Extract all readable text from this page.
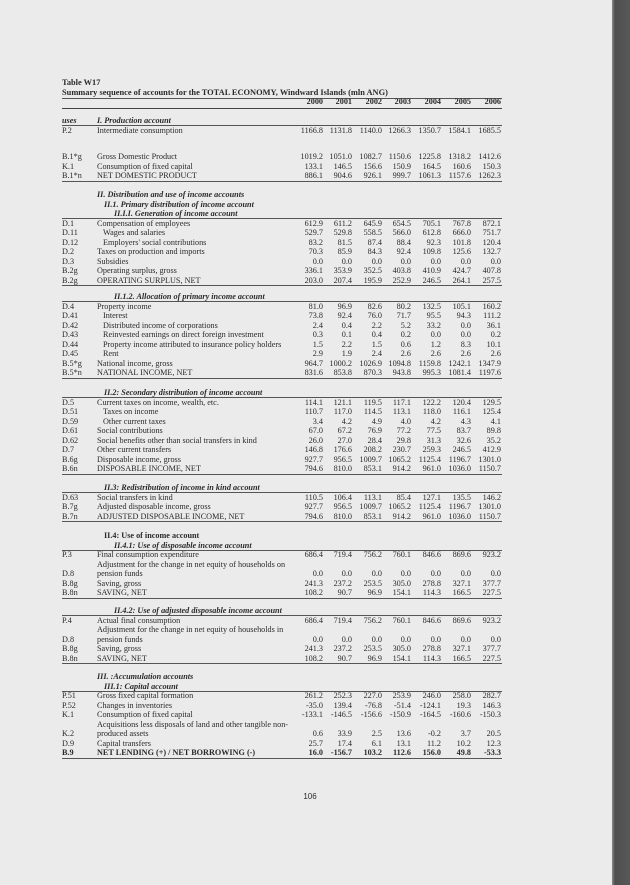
Table W17
Summary sequence of accounts for the TOTAL ECONOMY, Windward Islands (mln ANG)
2000	2001	2002	2003	2004	2005	2006
uses I. Production account
P.2	Intermediate consumption	1166.8 1131.8 1140.0 1266.3 1350.7 1584.1 1685.5
B.1*g Gross Domestic Product	1019.2 1051.0 1082.7 1150.6 1225.8 1318.2 1412.6
K.1	Consumption of fixed capital	133.1	146.5	156.6	150.9	164.5	160.6	150.3
B.1*n NET DOMESTIC PRODUCT	886.1	904.6	926.1	999.7 1061.3 1157.6 1262.3
II. Distribution and use of income accounts
II.1. Primary distribution of income account
II.I.I. Generation of income account
D.1	Compensation of employees	612.9	611.2	645.9	654.5	705.1	767.8	872.1
D.11	Wages and salaries	529.7	529.8	558.5	566.0	612.8	666.0	751.7
D.12	Employers' social contributions	83.2	81.5	87.4	88.4	92.3	101.8	120.4
D.2	Taxes on production and imports	70.3	85.9	84.3	92.4	109.8	125.6	132.7
D.3	Subsidies	0.0	0.0	0.0	0.0	0.0	0.0	0.0
B.2g Operating surplus, gross	336.1	353.9	352.5	403.8	410.9	424.7	407.8
B.2g OPERATING SURPLUS, NET	203.0	207.4	195.9	252.9	246.5	264.1	257.5
II.1.2. Allocation of primary income account
D.4	Property income	81.0	96.9	82.6	80.2	132.5	105.1	160.2
D.41	Interest	73.8	92.4	76.0	71.7	95.5	94.3	111.2
D.42	Distributed income of corporations	2.4	0.4	2.2	5.2	33.2	0.0	36.1
D.43	Reinvested earnings on direct foreign investment	0.3	0.1	0.4	0.2	0.0	0.0	0.2
D.44	Property income attributed to insurance policy holders	1.5	2.2	1.5	0.6	1.2	8.3	10.1
D.45	Rent	2.9	1.9	2.4	2.6	2.6	2.6	2.6
B.5*g National income, gross	964.7 1000.2 1026.9 1094.8 1159.8 1242.1 1347.9
B.5*n NATIONAL INCOME, NET	831.6	853.8	870.3	943.8	995.3 1081.4 1197.6
II.2: Secondary distribution of income account
D.5	Current taxes on income, wealth, etc.	114.1	121.1	119.5	117.1	122.2	120.4	129.5
D.51	Taxes on income	110.7	117.0	114.5	113.1	118.0	116.1	125.4
D.59	Other current taxes	3.4	4.2	4.9	4.0	4.2	4.3	4.1
D.61 Social contributions	67.0	67.2	76.9	77.2	77.5	83.7	89.8
D.62 Social benefits other than social transfers in kind	26.0	27.0	28.4	29.8	31.3	32.6	35.2
D.7	Other current transfers	146.8	176.6	208.2	230.7	259.3	246.5	412.9
B.6g Disposable income, gross	927.7	956.5 1009.7 1065.2 1125.4 1196.7 1301.0
B.6n DISPOSABLE INCOME, NET	794.6	810.0	853.1	914.2	961.0 1036.0 1150.7
II.3: Redistribution of income in kind account
D.63 Social transfers in kind	110.5	106.4	113.1	85.4	127.1	135.5	146.2
B.7g Adjusted disposable income, gross	927.7	956.5 1009.7 1065.2 1125.4 1196.7 1301.0
B.7n ADJUSTED DISPOSABLE INCOME, NET	794.6	810.0	853.1	914.2	961.0 1036.0 1150.7
II.4: Use of income account
II.4.1: Use of disposable income account
P.3	Final consumption expenditure	686.4	719.4	756.2	760.1	846.6	869.6	923.2
Adjustment for the change in net equity of households on
D.8	pension funds	0.0	0.0	0.0	0.0	0.0	0.0	0.0
B.8g Saving, gross	241.3	237.2	253.5	305.0	278.8	327.1	377.7
B.8n SAVING, NET	108.2	90.7	96.9	154.1	114.3	166.5	227.5
II.4.2: Use of adjusted disposable income account
P.4	Actual final consumption	686.4	719.4	756.2	760.1	846.6	869.6	923.2
Adjustment for the change in net equity of households in
D.8	pension funds	0.0	0.0	0.0	0.0	0.0	0.0	0.0
B.8g Saving, gross	241.3	237.2	253.5	305.0	278.8	327.1	377.7
B.8n SAVING, NET	108.2	90.7	96.9	154.1	114.3	166.5	227.5
III. :Accumulation accounts
III.1: Capital account
P.51	Gross fixed capital formation	261.2	252.3	227.0	253.9	246.0	258.0	282.7
P.52	Changes in inventories	-35.0	139.4	-76.8	-51.4	-124.1	19.3	146.3
K.1	Consumption of fixed capital	-133.1 -146.5	-156.6 -150.9	-164.5	-160.6	-150.3
Acquisitions less disposals of land and other tangible non-
K.2	produced assets	0.6	33.9	2.5	13.6	-0.2	3.7	20.5
D.9	Capital transfers	25.7	17.4	6.1	13.1	11.2	10.2	12.3
B.9	NET LENDING (+) / NET BORROWING (-)	16.0 -156.7	103.2	112.6	156.0	49.8	-53.3
106
